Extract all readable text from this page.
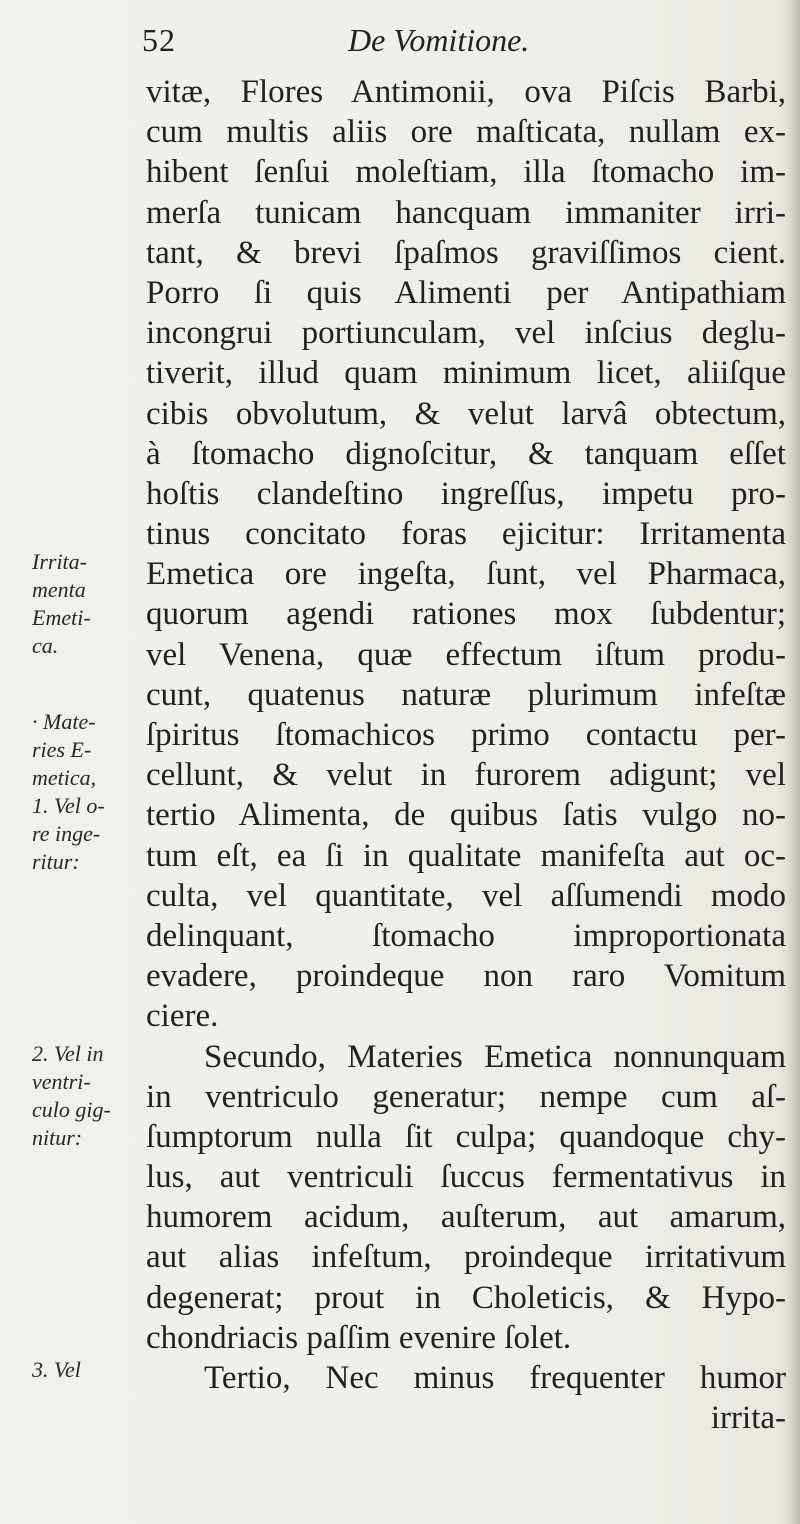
52	De Vomitione.
vitæ, Flores Antimonii, ova Piſcis Barbi,
cum multis aliis ore maſticata, nullam ex-
hibent ſenſui moleſtiam, illa ſtomacho im-
merſa tunicam hancquam immaniter irri-
tant, & brevi ſpaſmos graviſſimos cient.
Porro ſi quis Alimenti per Antipathiam
incongrui portiunculam, vel inſcius deglu-
tiverit, illud quam minimum licet, aliiſque
cibis obvolutum, & velut larvâ obtectum,
à ſtomacho dignoſcitur, & tanquam eſſet
hoſtis clandeſtino ingreſſus, impetu pro-
tinus concitato foras ejicitur: Irritamenta
Emetica ore ingeſta, ſunt, vel Pharmaca,
quorum agendi rationes mox ſubdentur;
vel Venena, quæ effectum iſtum produ-
cunt, quatenus naturæ plurimum infeſtæ
ſpiritus ſtomachicos primo contactu per-
cellunt, & velut in furorem adigunt; vel
tertio Alimenta, de quibus ſatis vulgo no-
tum eſt, ea ſi in qualitate manifeſta aut oc-
culta, vel quantitate, vel aſſumendi modo
delinquant, ſtomacho improportionata
evadere, proindeque non raro Vomitum
ciere.
Secundo, Materies Emetica nonnunquam
in ventriculo generatur; nempe cum aſ-
ſumptorum nulla ſit culpa; quandoque chy-
lus, aut ventriculi ſuccus fermentativus in
humorem acidum, auſterum, aut amarum,
aut alias infeſtum, proindeque irritativum
degenerat; prout in Choleticis, & Hypo-
chondriacis paſſim evenire ſolet.
Tertio, Nec minus frequenter humor
irrita-
Irrita-
menta
Emeti-
ca.
· Mate-
ries E-
metica,
1. Vel o-
re inge-
ritur:
2. Vel in
ventri-
culo gig-
nitur:
3. Vel
